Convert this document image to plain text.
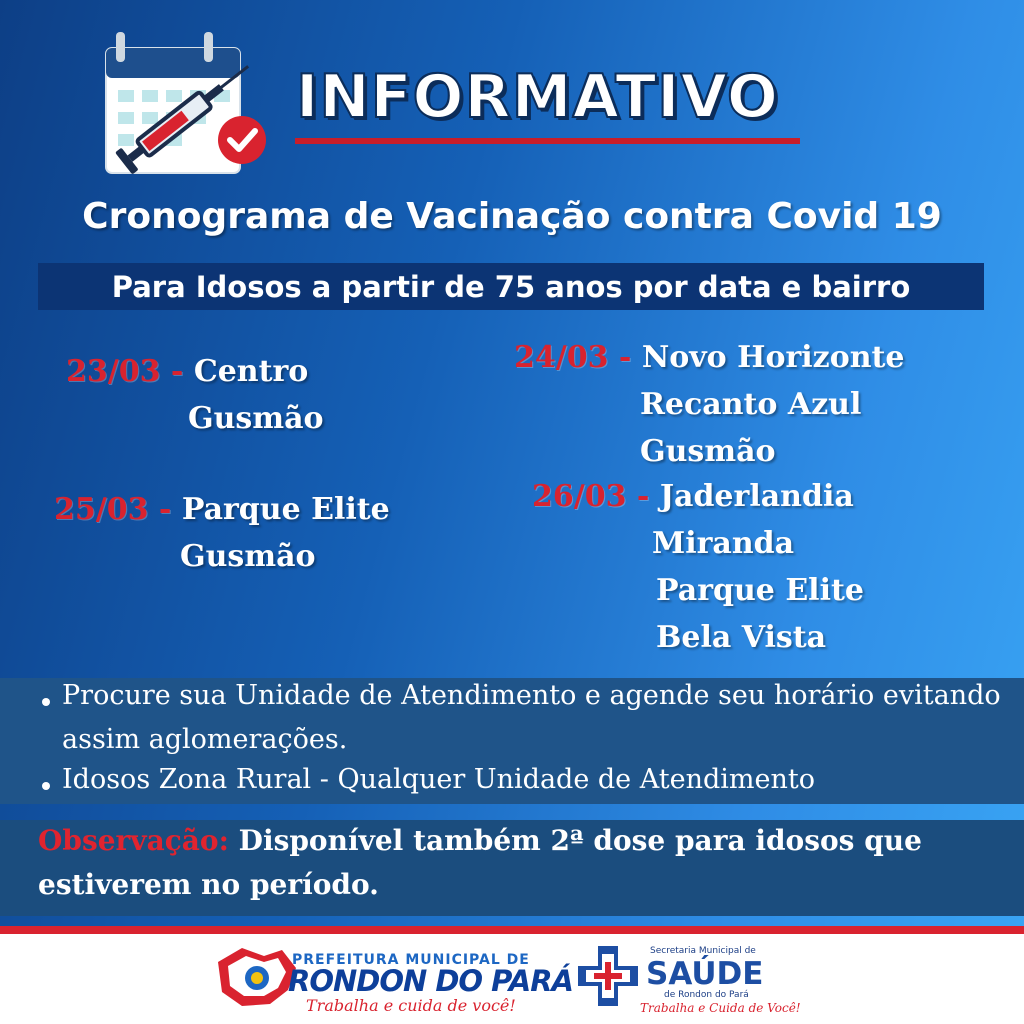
INFORMATIVO
Cronograma de Vacinação contra Covid 19
Para Idosos a partir de 75 anos por data e bairro
23/03 - Centro
Gusmão
24/03 - Novo Horizonte
Recanto Azul
Gusmão
25/03 - Parque Elite
Gusmão
26/03 - Jaderlandia
Miranda
Parque Elite
Bela Vista
Procure sua Unidade de Atendimento e agende seu horário evitando
assim aglomerações.
Idosos Zona Rural - Qualquer Unidade de Atendimento
Observação: Disponível também 2ª dose para idosos que
estiverem no período.
PREFEITURA MUNICIPAL DE
RONDON DO PARÁ
Trabalha e cuida de você!
Secretaria Municipal de
SAÚDE
de Rondon do Pará
Trabalha e Cuida de Você!
